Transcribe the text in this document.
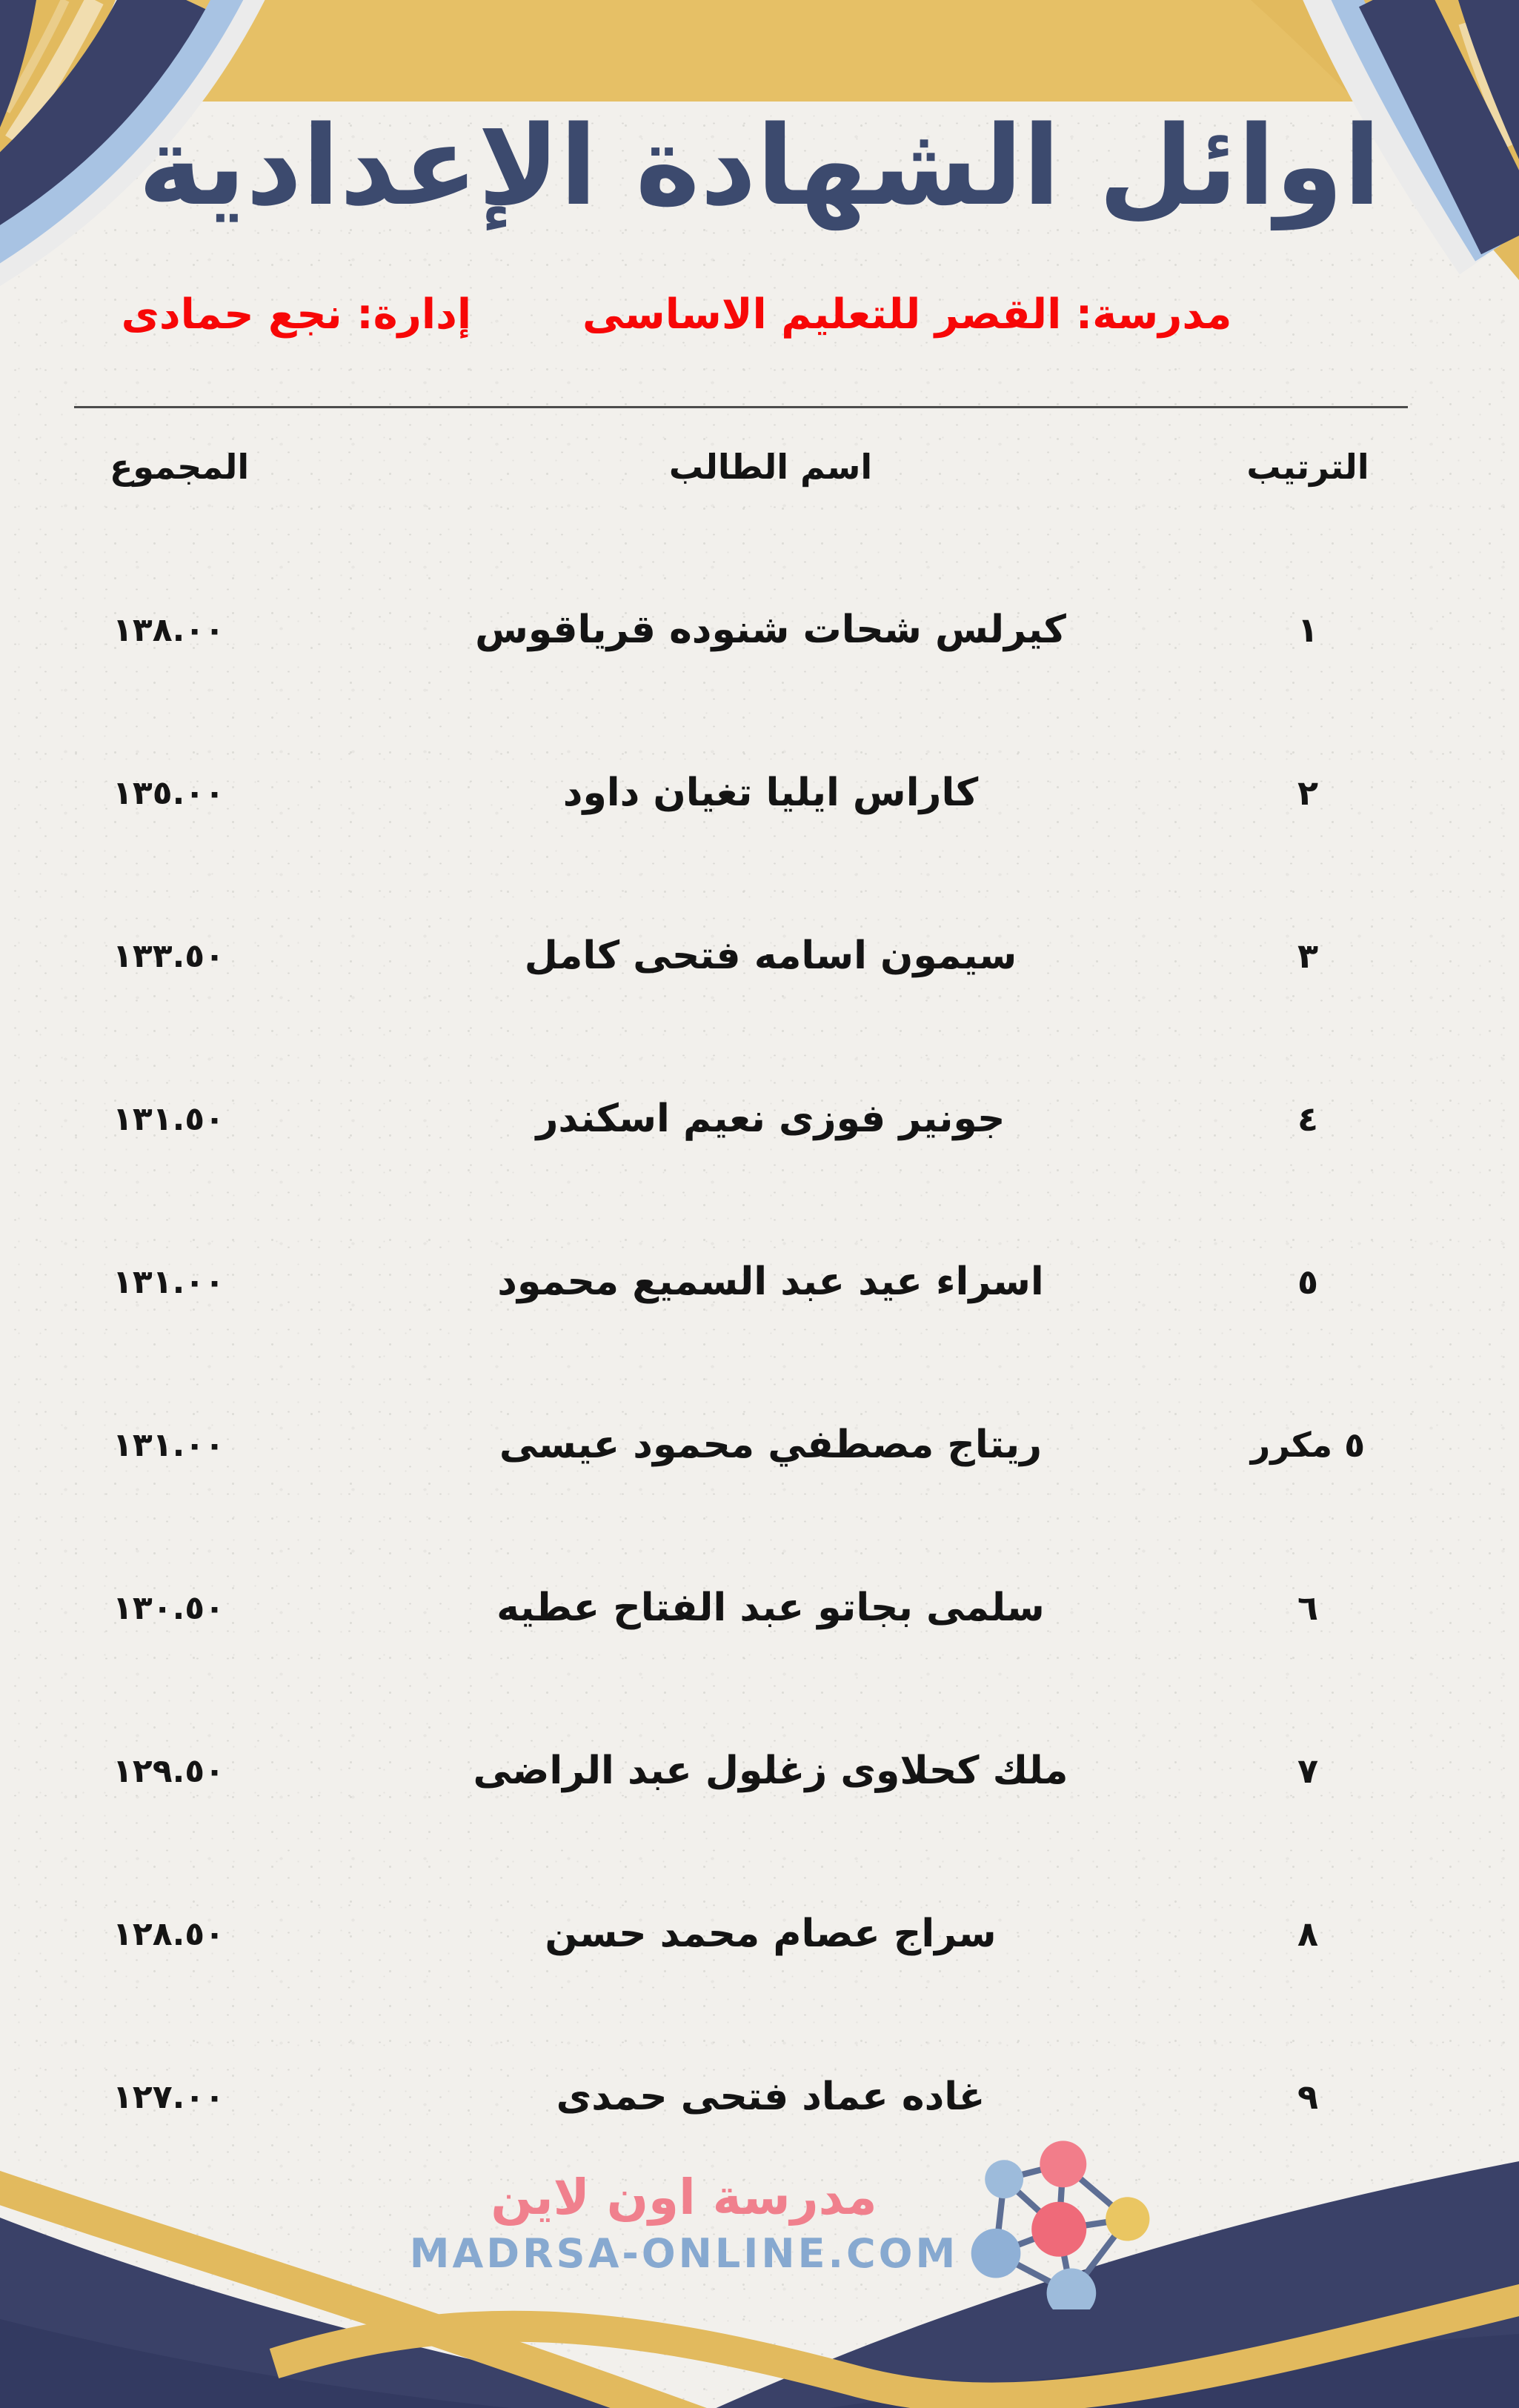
اوائل الشهادة الإعدادية
مدرسة: القصر للتعليم الاساسى
إدارة: نجع حمادى
الترتيب
اسم الطالب
المجموع
١
كيرلس شحات شنوده قرياقوس
١٣٨.٠٠
٢
كاراس ايليا تغيان داود
١٣٥.٠٠
٣
سيمون اسامه فتحى كامل
١٣٣.٥٠
٤
جونير فوزى نعيم اسكندر
١٣١.٥٠
٥
اسراء عيد عبد السميع محمود
١٣١.٠٠
٥ مكرر
ريتاج مصطفي محمود عيسى
١٣١.٠٠
٦
سلمى بجاتو عبد الفتاح عطيه
١٣٠.٥٠
٧
ملك كحلاوى زغلول عبد الراضى
١٢٩.٥٠
٨
سراج عصام محمد حسن
١٢٨.٥٠
٩
غاده عماد فتحى حمدى
١٢٧.٠٠
مدرسة اون لاين
MADRSA-ONLINE.COM
